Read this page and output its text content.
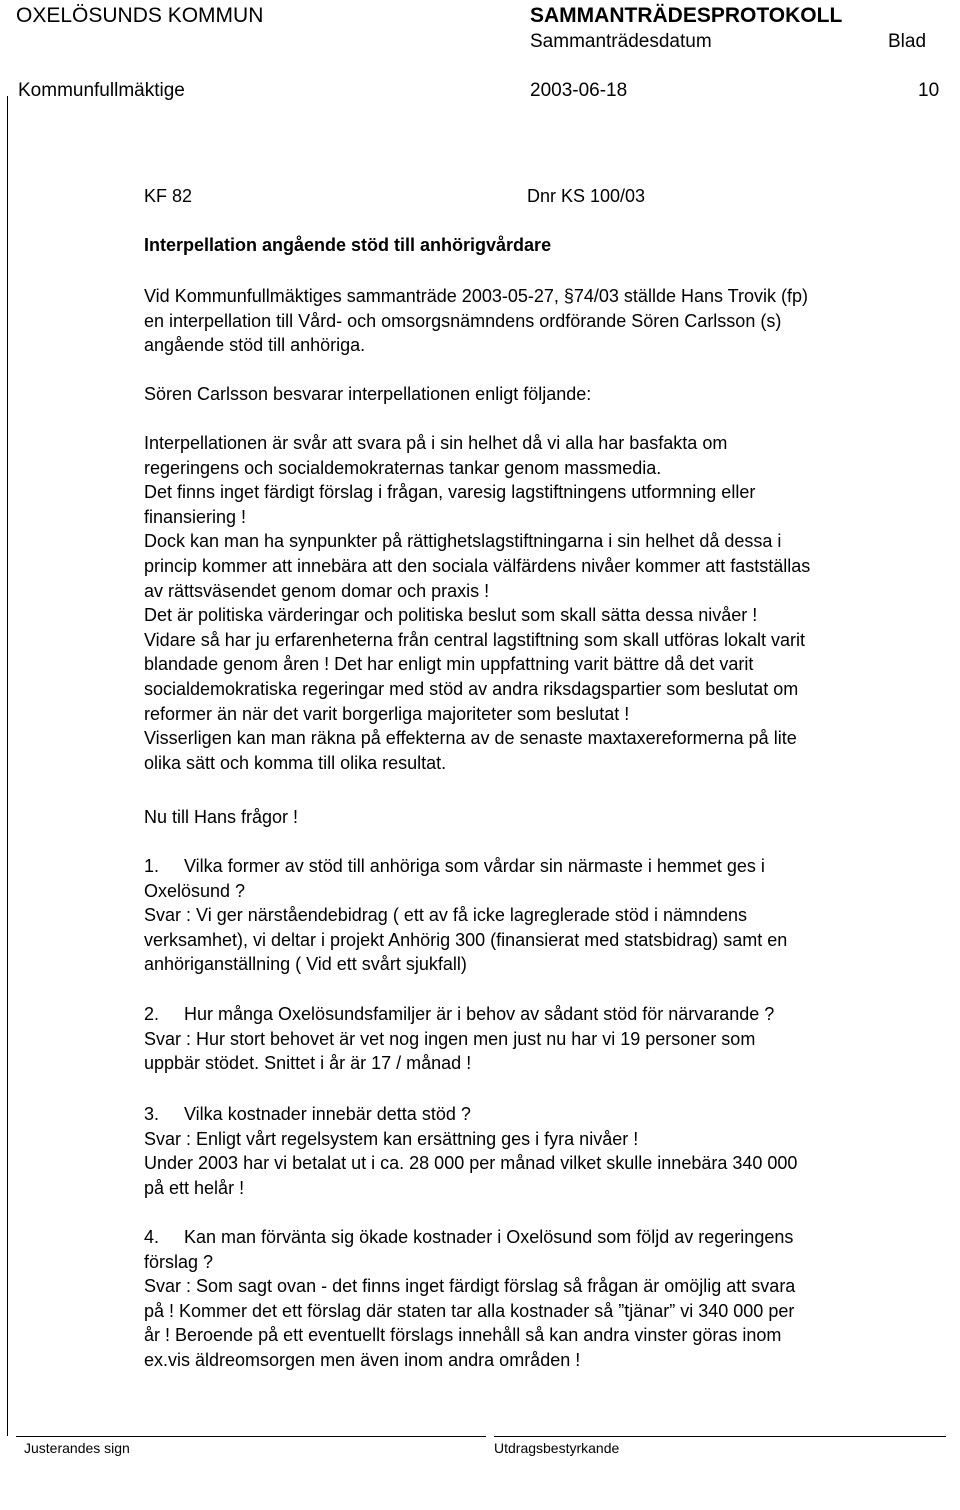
OXELÖSUNDS KOMMUN	SAMMANTRÄDESPROTOKOLL
Sammanträdesdatum	Blad
Kommunfullmäktige	2003-06-18	10
KF 82	Dnr KS 100/03
Interpellation angående stöd till anhörigvårdare
Vid Kommunfullmäktiges sammanträde 2003-05-27, §74/03 ställde Hans Trovik (fp)
en interpellation till Vård- och omsorgsnämndens ordförande Sören Carlsson (s)
angående stöd till anhöriga.
Sören Carlsson besvarar interpellationen enligt följande:
Interpellationen är svår att svara på i sin helhet då vi alla har basfakta om
regeringens och socialdemokraternas tankar genom massmedia.
Det finns inget färdigt förslag i frågan, varesig lagstiftningens utformning eller
finansiering !
Dock kan man ha synpunkter på rättighetslagstiftningarna i sin helhet då dessa i
princip kommer att innebära att den sociala välfärdens nivåer kommer att fastställas
av rättsväsendet genom domar och praxis !
Det är politiska värderingar och politiska beslut som skall sätta dessa nivåer !
Vidare så har ju erfarenheterna från central lagstiftning som skall utföras lokalt varit
blandade genom åren ! Det har enligt min uppfattning varit bättre då det varit
socialdemokratiska regeringar med stöd av andra riksdagspartier som beslutat om
reformer än när det varit borgerliga majoriteter som beslutat !
Visserligen kan man räkna på effekterna av de senaste maxtaxereformerna på lite
olika sätt och komma till olika resultat.
Nu till Hans frågor !
1. Vilka former av stöd till anhöriga som vårdar sin närmaste i hemmet ges i
Oxelösund ?
Svar : Vi ger närståendebidrag ( ett av få icke lagreglerade stöd i nämndens
verksamhet), vi deltar i projekt Anhörig 300 (finansierat med statsbidrag) samt en
anhöriganställning ( Vid ett svårt sjukfall)
2. Hur många Oxelösundsfamiljer är i behov av sådant stöd för närvarande ?
Svar : Hur stort behovet är vet nog ingen men just nu har vi 19 personer som
uppbär stödet. Snittet i år är 17 / månad !
3. Vilka kostnader innebär detta stöd ?
Svar : Enligt vårt regelsystem kan ersättning ges i fyra nivåer !
Under 2003 har vi betalat ut i ca. 28 000 per månad vilket skulle innebära 340 000
på ett helår !
4. Kan man förvänta sig ökade kostnader i Oxelösund som följd av regeringens
förslag ?
Svar : Som sagt ovan - det finns inget färdigt förslag så frågan är omöjlig att svara
på ! Kommer det ett förslag där staten tar alla kostnader så ”tjänar” vi 340 000 per
år ! Beroende på ett eventuellt förslags innehåll så kan andra vinster göras inom
ex.vis äldreomsorgen men även inom andra områden !
Justerandes sign	Utdragsbestyrkande
